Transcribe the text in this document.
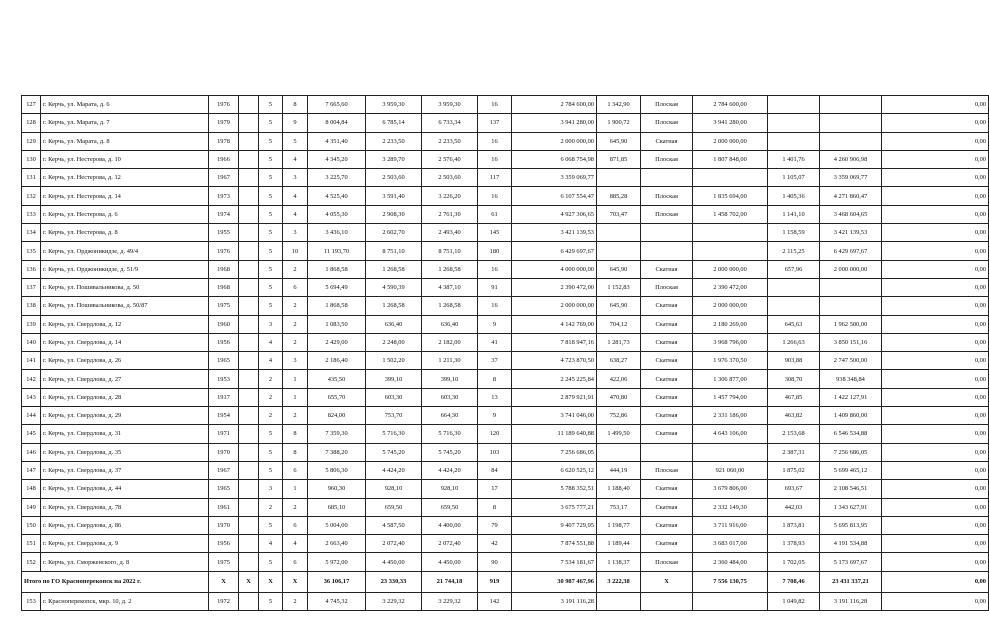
127	г. Керчь, ул. Марата, д. 6	1976		5	8	7 665,60	3 959,30	3 959,30	16	2 784 600,00	1 342,90	Плоская	2 784 600,00			0,00
128	г. Керчь, ул. Марата, д. 7	1979		5	9	8 004,84	6 785,14	6 733,34	137	3 941 280,00	1 900,72	Плоская	3 941 280,00			0,00
129	г. Керчь, ул. Марата, д. 8	1978		5	5	4 351,40	2 233,50	2 233,50	16	2 000 000,00	645,90	Скатная	2 000 000,00			0,00
130	г. Керчь, ул. Нестерова, д. 10	1966		5	4	4 345,20	3 289,70	2 576,40	16	6 068 754,98	871,85	Плоская	1 807 848,00	1 401,76	4 260 906,98	0,00
131	г. Керчь, ул. Нестерова, д. 12	1967		5	3	3 225,70	2 503,60	2 503,60	117	3 359 069,77				1 105,07	3 359 069,77	0,00
132	г. Керчь, ул. Нестерова, д. 14	1973		5	4	4 525,40	3 591,40	3 226,20	16	6 107 554,47	885,28	Плоская	1 835 694,00	1 405,36	4 271 860,47	0,00
133	г. Керчь, ул. Нестерова, д. 6	1974		5	4	4 055,30	2 908,30	2 761,30	61	4 927 306,65	703,47	Плоская	1 458 702,00	1 141,10	3 468 604,65	0,00
134	г. Керчь, ул. Нестерова, д. 8	1955		5	3	3 436,10	2 602,70	2 493,40	145	3 421 139,53				1 158,59	3 421 139,53	0,00
135	г. Керчь, ул. Орджоникидзе, д. 49/4	1976		5	10	11 193,70	8 751,10	8 751,10	180	6 429 697,67				2 115,25	6 429 697,67	0,00
136	г. Керчь, ул. Орджоникидзе, д. 51/9	1968		5	2	1 868,58	1 268,58	1 268,58	16	4 000 000,00	645,90	Скатная	2 000 000,00	657,96	2 000 000,00	0,00
137	г. Керчь, ул. Пошивальникова, д. 50	1968		5	6	5 694,49	4 590,39	4 387,10	91	2 390 472,00	1 152,83	Плоская	2 390 472,00			0,00
138	г. Керчь, ул. Пошивальникова, д. 50/87	1975		5	2	1 868,58	1 268,58	1 268,58	16	2 000 000,00	645,90	Скатная	2 000 000,00			0,00
139	г. Керчь, ул. Свердлова, д. 12	1960		3	2	1 083,50	636,40	636,40	9	4 142 769,00	704,12	Скатная	2 180 269,00	645,63	1 962 500,00	0,00
140	г. Керчь, ул. Свердлова, д. 14	1956		4	2	2 429,00	2 248,00	2 182,00	41	7 818 947,16	1 281,73	Скатная	3 968 796,00	1 266,63	3 850 151,16	0,00
141	г. Керчь, ул. Свердлова, д. 26	1965		4	3	2 186,40	1 502,20	1 211,30	37	4 723 870,50	638,27	Скатная	1 976 370,50	903,88	2 747 500,00	0,00
142	г. Керчь, ул. Свердлова, д. 27	1953		2	1	435,50	399,10	399,10	8	2 245 225,84	422,06	Скатная	1 306 877,00	308,70	938 348,84	0,00
143	г. Керчь, ул. Свердлова, д. 28	1917		2	1	655,70	603,30	603,30	13	2 879 921,91	470,80	Скатная	1 457 794,00	467,85	1 422 127,91	0,00
144	г. Керчь, ул. Свердлова, д. 29	1954		2	2	824,00	753,70	664,30	9	3 741 046,00	752,86	Скатная	2 331 186,00	463,82	1 409 860,00	0,00
145	г. Керчь, ул. Свердлова, д. 31	1971		5	8	7 359,30	5 716,30	5 716,30	120	11 189 640,88	1 499,50	Скатная	4 643 106,00	2 153,68	6 546 534,88	0,00
146	г. Керчь, ул. Свердлова, д. 35	1970		5	8	7 388,20	5 745,20	5 745,20	103	7 256 686,05				2 387,31	7 256 686,05	0,00
147	г. Керчь, ул. Свердлова, д. 37	1967		5	6	5 806,30	4 424,20	4 424,20	84	6 620 525,12	444,19	Плоская	921 060,00	1 875,02	5 699 465,12	0,00
148	г. Керчь, ул. Свердлова, д. 44	1965		3	1	960,30	928,10	928,10	17	5 788 352,51	1 188,40	Скатная	3 679 806,00	693,67	2 108 546,51	0,00
149	г. Керчь, ул. Свердлова, д. 78	1961		2	2	685,10	659,50	659,50	8	3 675 777,21	753,17	Скатная	2 332 149,30	442,03	1 343 627,91	0,00
150	г. Керчь, ул. Свердлова, д. 86	1970		5	6	5 004,00	4 587,50	4 400,00	79	9 407 729,95	1 198,77	Скатная	3 711 916,00	1 873,81	5 695 813,95	0,00
151	г. Керчь, ул. Свердлова, д. 9	1956		4	4	2 663,40	2 072,40	2 072,40	42	7 874 551,88	1 189,44	Скатная	3 683 017,00	1 378,93	4 191 534,88	0,00
152	г. Керчь, ул. Сморженского, д. 8	1975		5	6	5 972,00	4 450,00	4 450,00	90	7 534 181,67	1 138,37	Плоская	2 360 484,00	1 702,05	5 173 697,67	0,00
Итого по ГО Красноперекопск на 2022 г.		X	X	X	X	36 106,17	23 330,33	21 744,18	919	30 987 467,96	3 222,38	X	7 556 130,75	7 708,46	23 431 337,21	0,00
153	г. Красноперекопск, мкр. 10, д. 2	1972		5	2	4 745,32	3 229,32	3 229,32	142	3 191 116,28				1 049,82	3 191 116,28	0,00
